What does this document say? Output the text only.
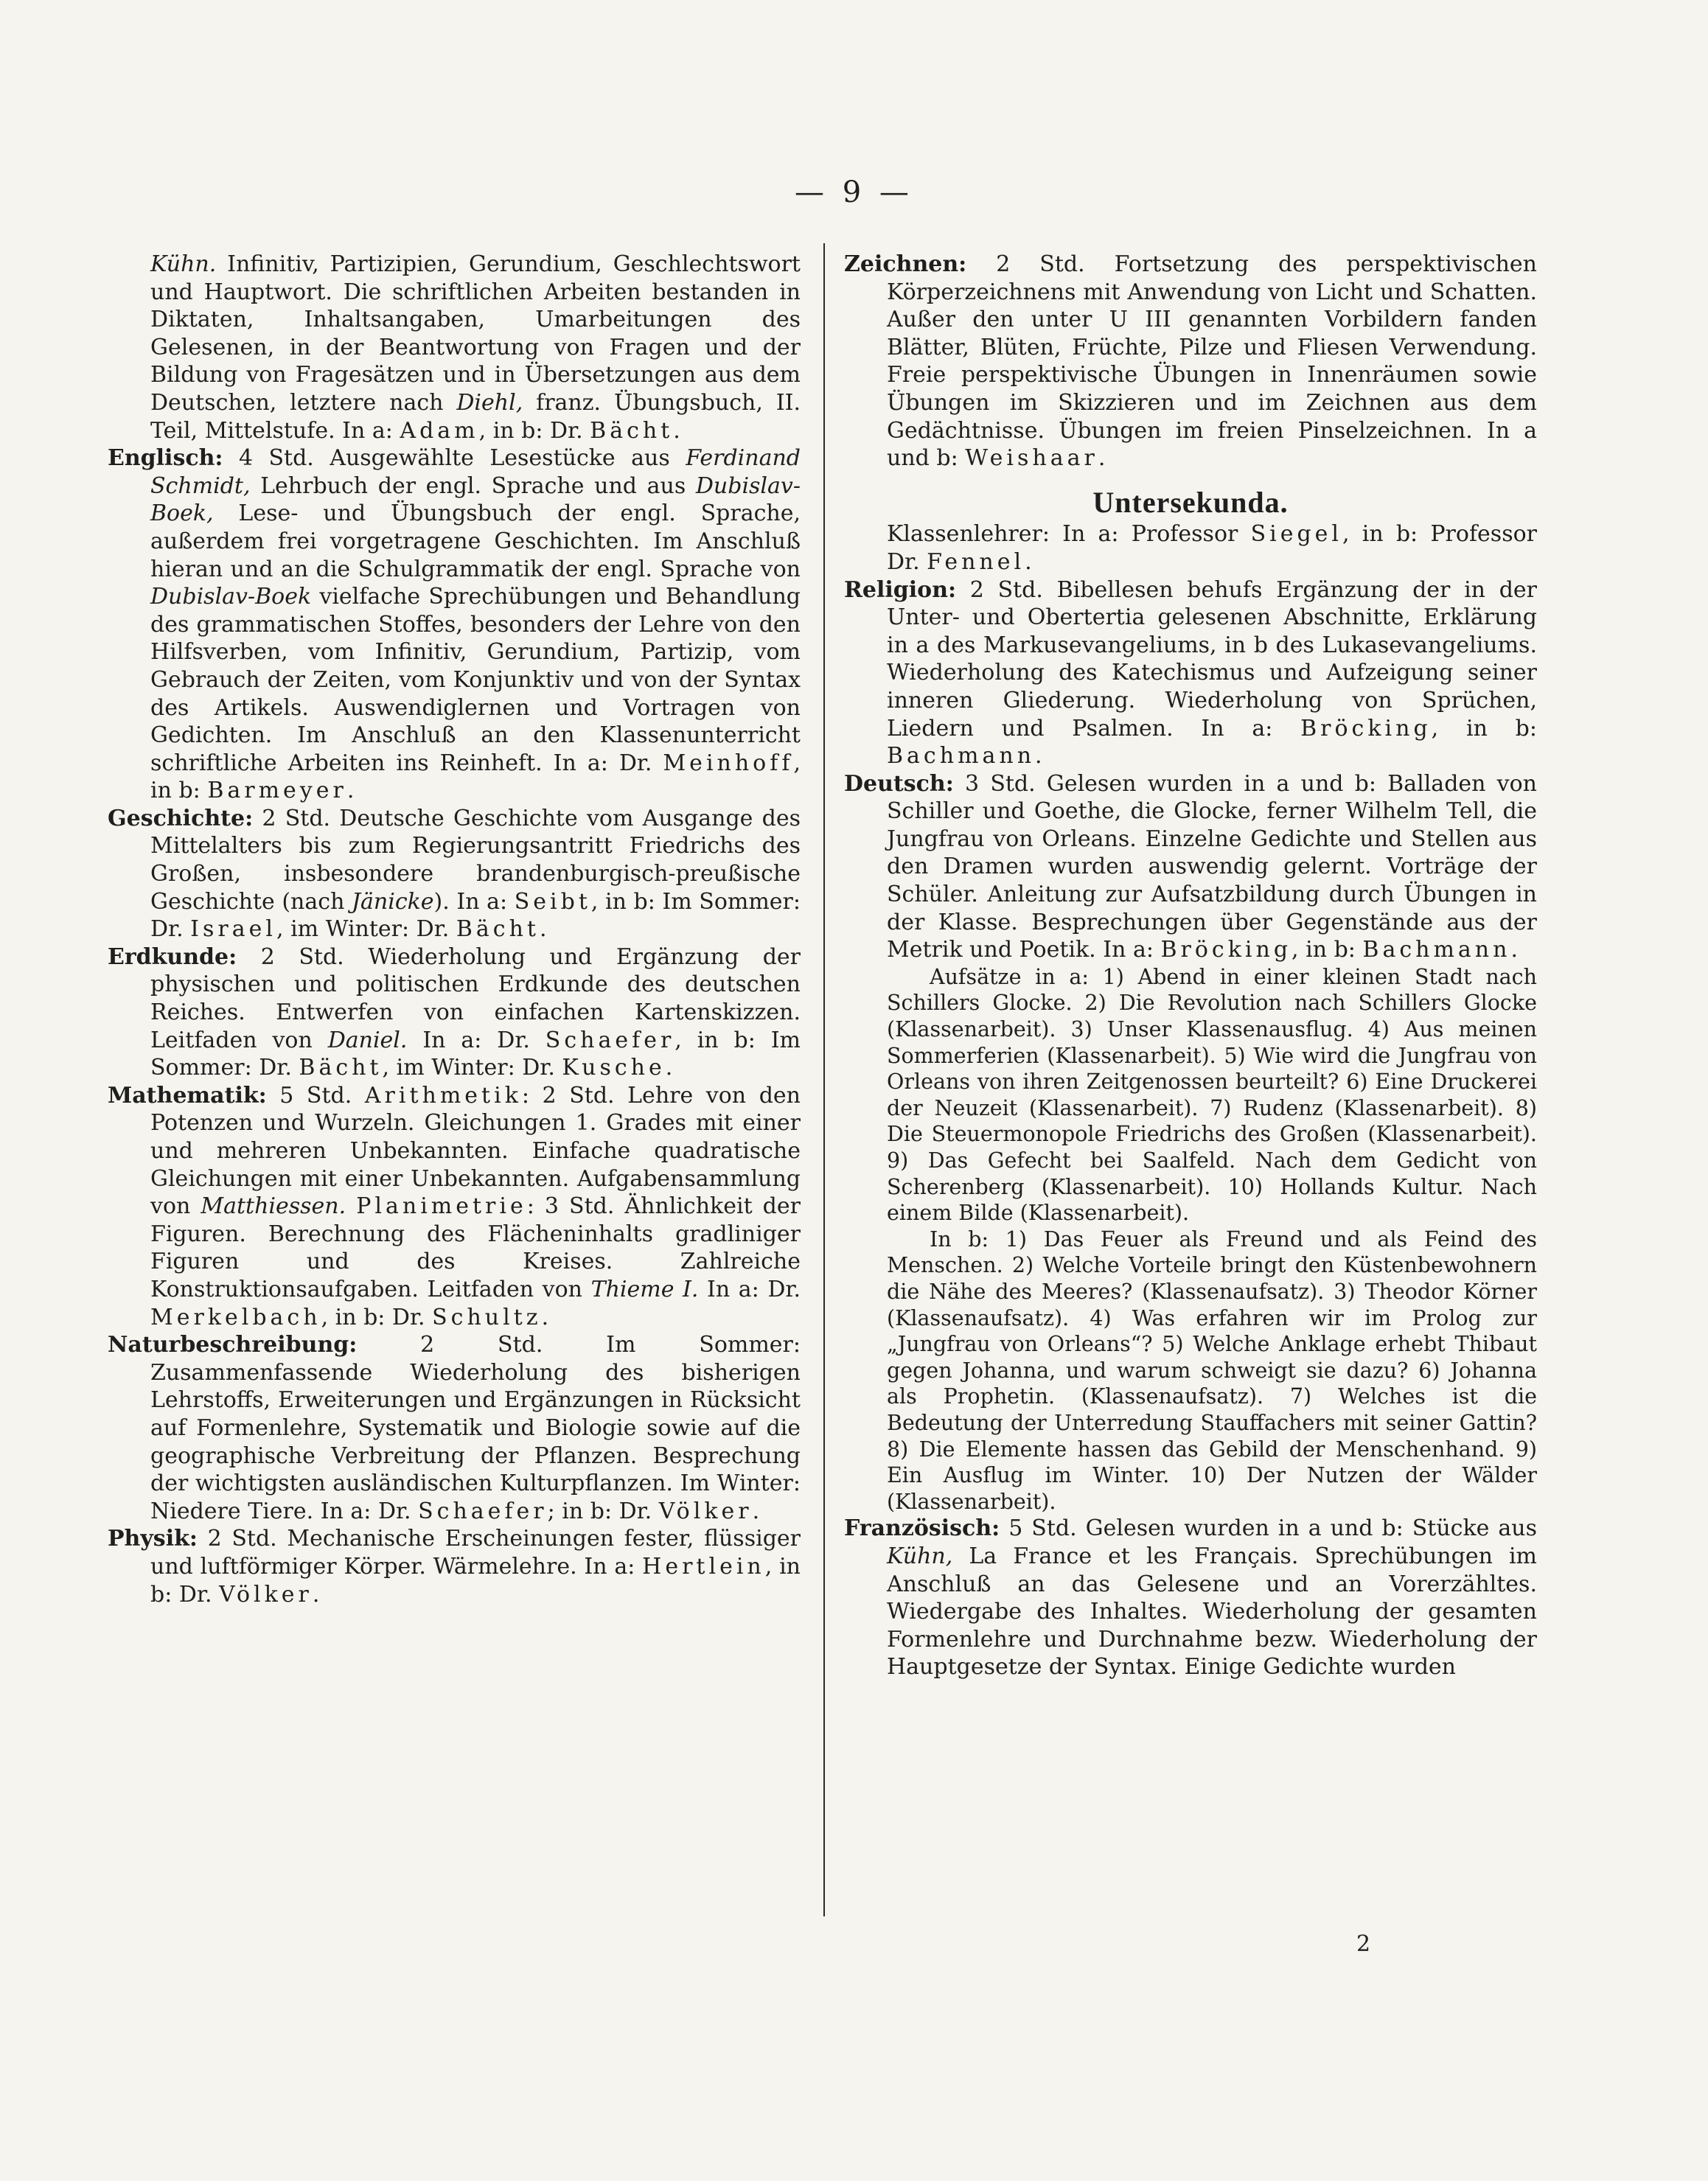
— 9 —

Kühn. Infinitiv, Partizipien, Gerundium, Geschlechtswort und Hauptwort. Die schriftlichen Arbeiten bestanden in Diktaten, Inhaltsangaben, Umarbeitungen des Gelesenen, in der Beantwortung von Fragen und der Bildung von Fragesätzen und in Übersetzungen aus dem Deutschen, letztere nach Diehl, franz. Übungsbuch, II. Teil, Mittelstufe. In a: Adam, in b: Dr. Bächt.

Englisch: 4 Std. Ausgewählte Lesestücke aus Ferdinand Schmidt, Lehrbuch der engl. Sprache und aus Dubislav-Boek, Lese- und Übungsbuch der engl. Sprache, außerdem frei vorgetragene Geschichten. Im Anschluß hieran und an die Schulgrammatik der engl. Sprache von Dubislav-Boek vielfache Sprechübungen und Behandlung des grammatischen Stoffes, besonders der Lehre von den Hilfsverben, vom Infinitiv, Gerundium, Partizip, vom Gebrauch der Zeiten, vom Konjunktiv und von der Syntax des Artikels. Auswendiglernen und Vortragen von Gedichten. Im Anschluß an den Klassenunterricht schriftliche Arbeiten ins Reinheft. In a: Dr. Meinhoff, in b: Barmeyer.

Geschichte: 2 Std. Deutsche Geschichte vom Ausgange des Mittelalters bis zum Regierungsantritt Friedrichs des Großen, insbesondere brandenburgisch-preußische Geschichte (nach Jänicke). In a: Seibt, in b: Im Sommer: Dr. Israel, im Winter: Dr. Bächt.

Erdkunde: 2 Std. Wiederholung und Ergänzung der physischen und politischen Erdkunde des deutschen Reiches. Entwerfen von einfachen Kartenskizzen. Leitfaden von Daniel. In a: Dr. Schaefer, in b: Im Sommer: Dr. Bächt, im Winter: Dr. Kusche.

Mathematik: 5 Std. Arithmetik: 2 Std. Lehre von den Potenzen und Wurzeln. Gleichungen 1. Grades mit einer und mehreren Unbekannten. Einfache quadratische Gleichungen mit einer Unbekannten. Aufgabensammlung von Matthiessen. Planimetrie: 3 Std. Ähnlichkeit der Figuren. Berechnung des Flächeninhalts gradliniger Figuren und des Kreises. Zahlreiche Konstruktionsaufgaben. Leitfaden von Thieme I. In a: Dr. Merkelbach, in b: Dr. Schultz.

Naturbeschreibung: 2 Std. Im Sommer: Zusammenfassende Wiederholung des bisherigen Lehrstoffs, Erweiterungen und Ergänzungen in Rücksicht auf Formenlehre, Systematik und Biologie sowie auf die geographische Verbreitung der Pflanzen. Besprechung der wichtigsten ausländischen Kulturpflanzen. Im Winter: Niedere Tiere. In a: Dr. Schaefer; in b: Dr. Völker.

Physik: 2 Std. Mechanische Erscheinungen fester, flüssiger und luftförmiger Körper. Wärmelehre. In a: Hertlein, in b: Dr. Völker.

Zeichnen: 2 Std. Fortsetzung des perspektivischen Körperzeichnens mit Anwendung von Licht und Schatten. Außer den unter U III genannten Vorbildern fanden Blätter, Blüten, Früchte, Pilze und Fliesen Verwendung. Freie perspektivische Übungen in Innenräumen sowie Übungen im Skizzieren und im Zeichnen aus dem Gedächtnisse. Übungen im freien Pinselzeichnen. In a und b: Weishaar.

Untersekunda.

Klassenlehrer: In a: Professor Siegel, in b: Professor Dr. Fennel.

Religion: 2 Std. Bibellesen behufs Ergänzung der in der Unter- und Obertertia gelesenen Abschnitte, Erklärung in a des Markusevangeliums, in b des Lukasevangeliums. Wiederholung des Katechismus und Aufzeigung seiner inneren Gliederung. Wiederholung von Sprüchen, Liedern und Psalmen. In a: Bröcking, in b: Bachmann.

Deutsch: 3 Std. Gelesen wurden in a und b: Balladen von Schiller und Goethe, die Glocke, ferner Wilhelm Tell, die Jungfrau von Orleans. Einzelne Gedichte und Stellen aus den Dramen wurden auswendig gelernt. Vorträge der Schüler. Anleitung zur Aufsatzbildung durch Übungen in der Klasse. Besprechungen über Gegenstände aus der Metrik und Poetik. In a: Bröcking, in b: Bachmann.

Aufsätze in a: 1) Abend in einer kleinen Stadt nach Schillers Glocke. 2) Die Revolution nach Schillers Glocke (Klassenarbeit). 3) Unser Klassenausflug. 4) Aus meinen Sommerferien (Klassenarbeit). 5) Wie wird die Jungfrau von Orleans von ihren Zeitgenossen beurteilt? 6) Eine Druckerei der Neuzeit (Klassenarbeit). 7) Rudenz (Klassenarbeit). 8) Die Steuermonopole Friedrichs des Großen (Klassenarbeit). 9) Das Gefecht bei Saalfeld. Nach dem Gedicht von Scherenberg (Klassenarbeit). 10) Hollands Kultur. Nach einem Bilde (Klassenarbeit).

In b: 1) Das Feuer als Freund und als Feind des Menschen. 2) Welche Vorteile bringt den Küstenbewohnern die Nähe des Meeres? (Klassenaufsatz). 3) Theodor Körner (Klassenaufsatz). 4) Was erfahren wir im Prolog zur „Jungfrau von Orleans“? 5) Welche Anklage erhebt Thibaut gegen Johanna, und warum schweigt sie dazu? 6) Johanna als Prophetin. (Klassenaufsatz). 7) Welches ist die Bedeutung der Unterredung Stauffachers mit seiner Gattin? 8) Die Elemente hassen das Gebild der Menschenhand. 9) Ein Ausflug im Winter. 10) Der Nutzen der Wälder (Klassenarbeit).

Französisch: 5 Std. Gelesen wurden in a und b: Stücke aus Kühn, La France et les Français. Sprechübungen im Anschluß an das Gelesene und an Vorerzähltes. Wiedergabe des Inhaltes. Wiederholung der gesamten Formenlehre und Durchnahme bezw. Wiederholung der Hauptgesetze der Syntax. Einige Gedichte wurden

2
